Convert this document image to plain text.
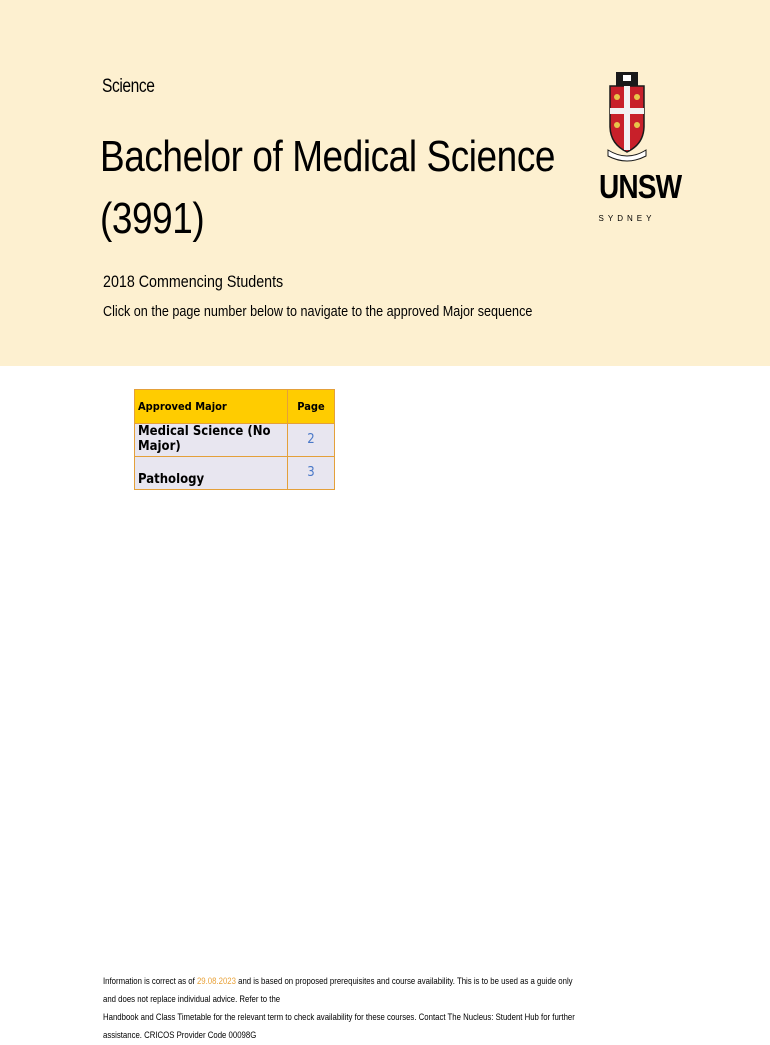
Science
Bachelor of Medical Science
(3991)
2018 Commencing Students
Click on the page number below to navigate to the approved Major sequence
UNSW
SYDNEY
Approved Major	Page
Medical Science (No Major)	2
Pathology	3
Information is correct as of 29.08.2023 and is based on proposed prerequisites and course availability. This is to be used as a guide only and does not replace individual advice. Refer to the
Handbook and Class Timetable for the relevant term to check availability for these courses. Contact The Nucleus: Student Hub for further assistance. CRICOS Provider Code 00098G
